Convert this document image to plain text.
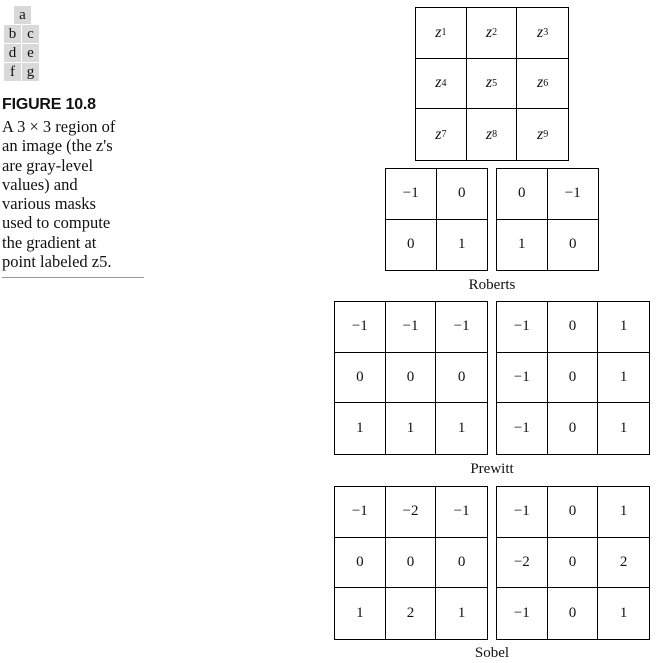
a
b c
d e
f g
FIGURE 10.8
A 3 × 3 region of
an image (the z's
are gray-level
values) and
various masks
used to compute
the gradient at
point labeled z5.
z 1 z 2 z 3
z 4 z 5 z 6
z 7 z 8 z 9
−1	0
0	1
0	−1
1	0
Roberts
−1	−1	−1
0	0	0
1	1	1
−1	0	1
−1	0	1
−1	0	1
Prewitt
−1	−2	−1
0	0	0
1	2	1
−1	0	1
−2	0	2
−1	0	1
Sobel
